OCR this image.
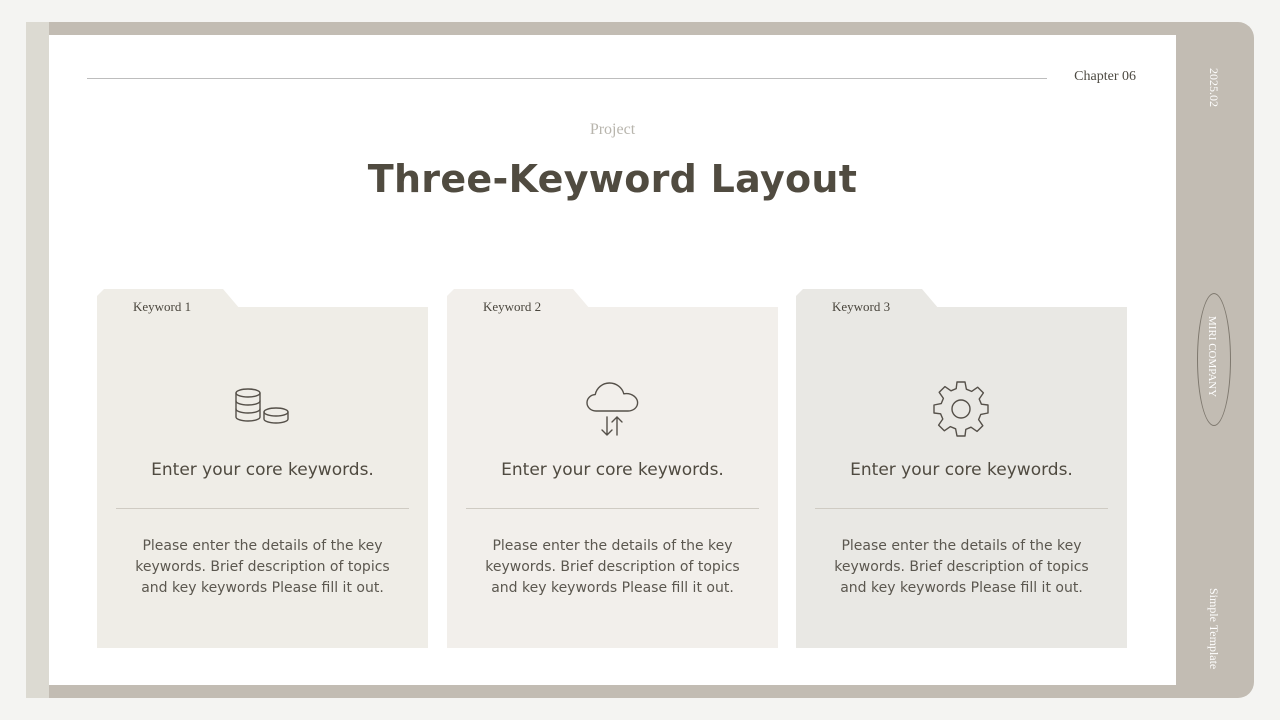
Chapter 06
Project
Three-Keyword Layout
Keyword 1
Enter your core keywords.
Please enter the details of the key keywords. Brief description of topics and key keywords Please fill it out.
Keyword 2
Enter your core keywords.
Please enter the details of the key keywords. Brief description of topics and key keywords Please fill it out.
Keyword 3
Enter your core keywords.
Please enter the details of the key keywords. Brief description of topics and key keywords Please fill it out.
2025.02
MIRI COMPANY
Simple Template
